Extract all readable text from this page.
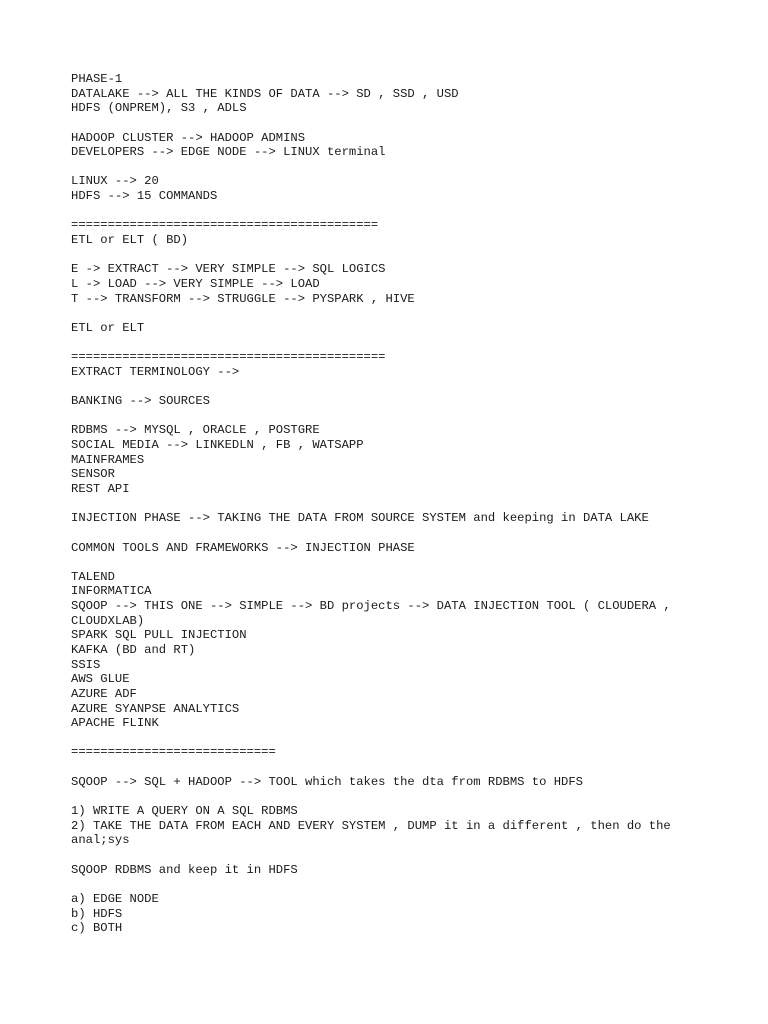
PHASE-1
DATALAKE --> ALL THE KINDS OF DATA --> SD , SSD , USD
HDFS (ONPREM), S3 , ADLS
HADOOP CLUSTER --> HADOOP ADMINS
DEVELOPERS --> EDGE NODE --> LINUX terminal
LINUX --> 20
HDFS --> 15 COMMANDS
==========================================
ETL or ELT ( BD)
E -> EXTRACT --> VERY SIMPLE --> SQL LOGICS
L -> LOAD --> VERY SIMPLE --> LOAD
T --> TRANSFORM --> STRUGGLE --> PYSPARK , HIVE
ETL or ELT
===========================================
EXTRACT TERMINOLOGY -->
BANKING --> SOURCES
RDBMS --> MYSQL , ORACLE , POSTGRE
SOCIAL MEDIA --> LINKEDLN , FB , WATSAPP
MAINFRAMES
SENSOR
REST API
INJECTION PHASE --> TAKING THE DATA FROM SOURCE SYSTEM and keeping in DATA LAKE
COMMON TOOLS AND FRAMEWORKS --> INJECTION PHASE
TALEND
INFORMATICA
SQOOP --> THIS ONE --> SIMPLE --> BD projects --> DATA INJECTION TOOL ( CLOUDERA ,
CLOUDXLAB)
SPARK SQL PULL INJECTION
KAFKA (BD and RT)
SSIS
AWS GLUE
AZURE ADF
AZURE SYANPSE ANALYTICS
APACHE FLINK
============================
SQOOP --> SQL + HADOOP --> TOOL which takes the dta from RDBMS to HDFS
1) WRITE A QUERY ON A SQL RDBMS
2) TAKE THE DATA FROM EACH AND EVERY SYSTEM , DUMP it in a different , then do the
anal;sys
SQOOP RDBMS and keep it in HDFS
a) EDGE NODE
b) HDFS
c) BOTH
